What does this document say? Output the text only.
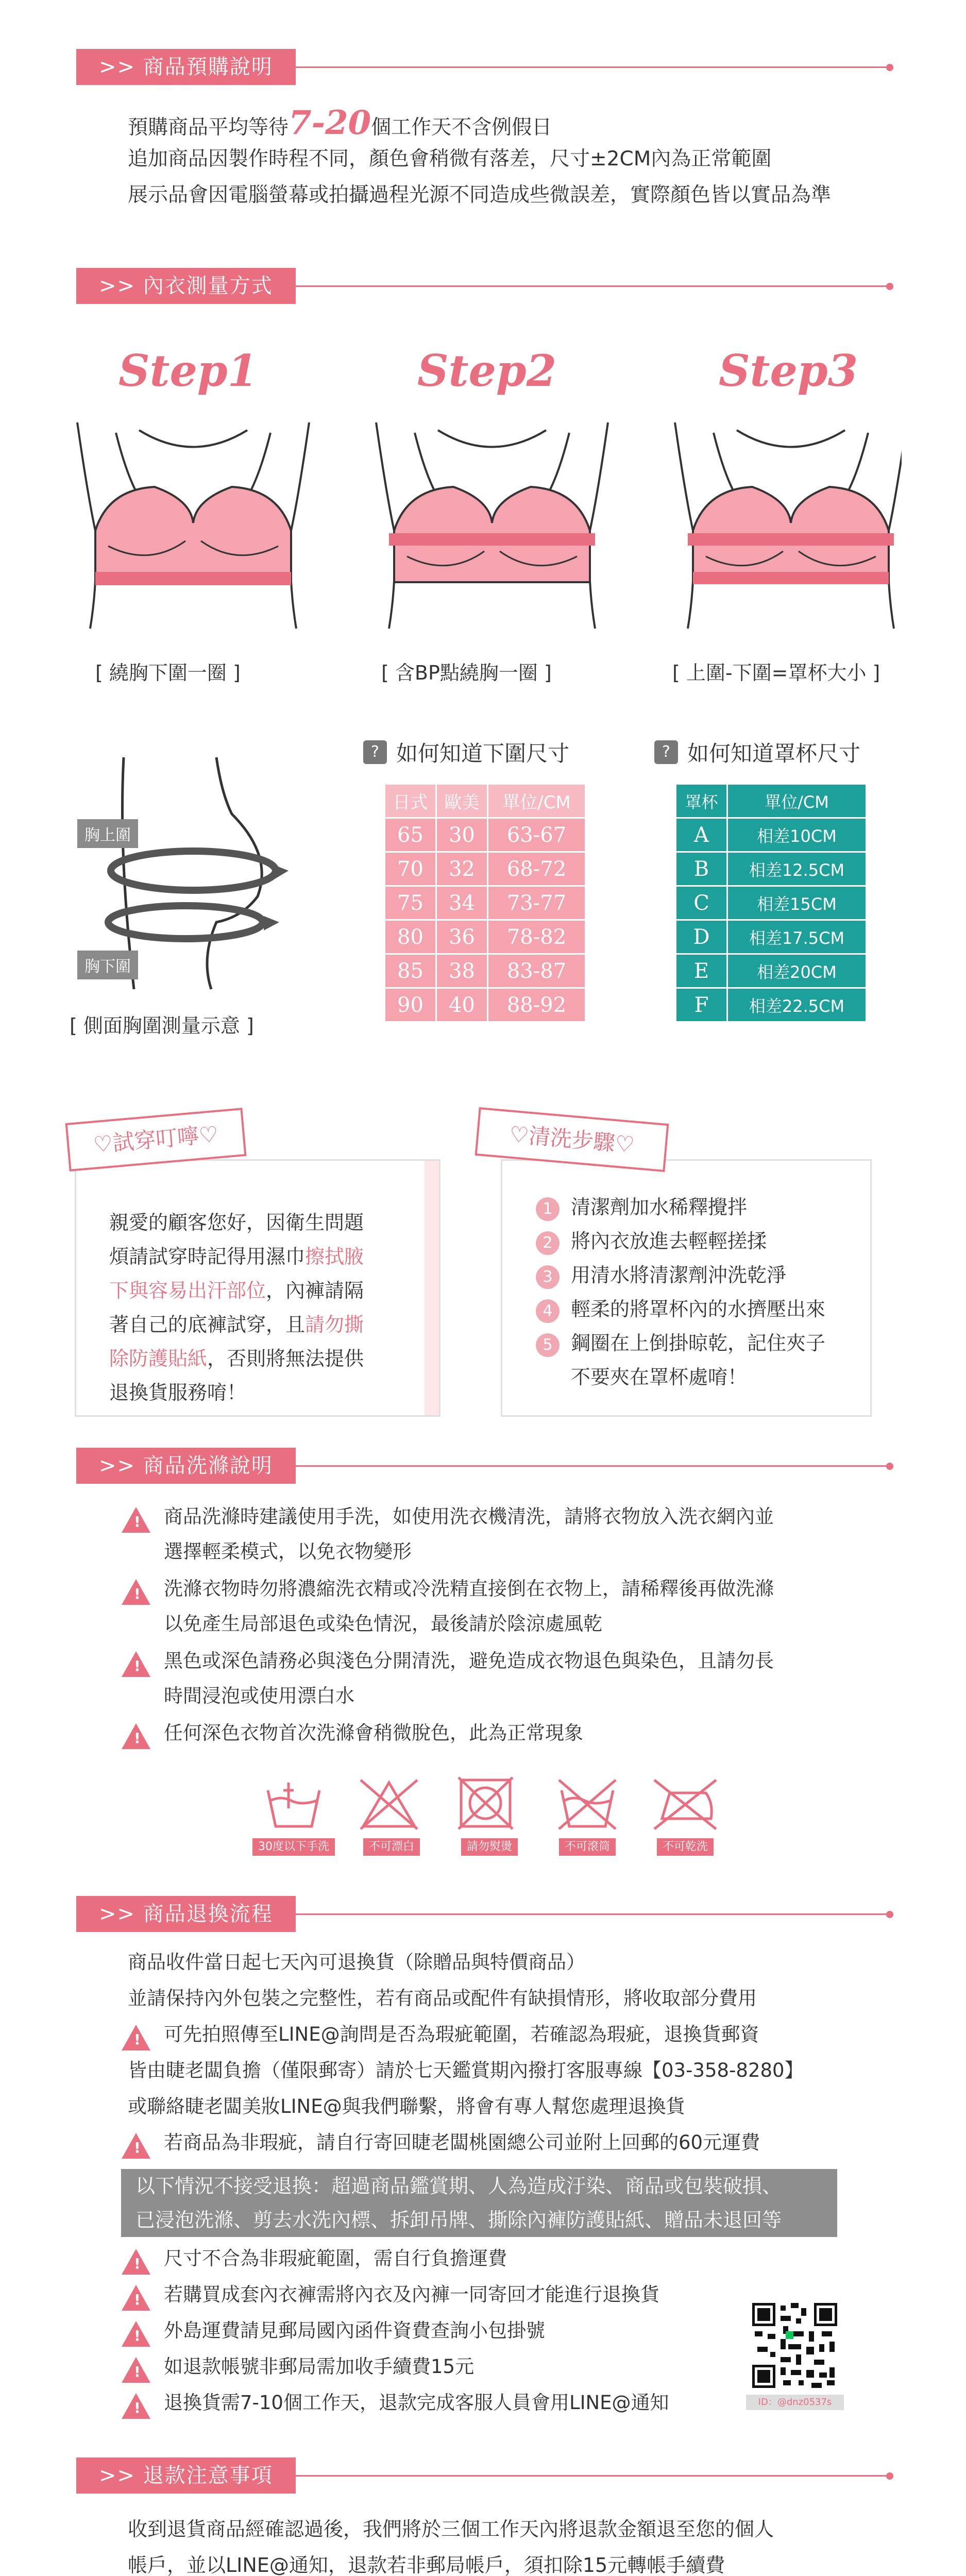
>> 商品預購說明
預購商品平均等待7-20個工作天不含例假日
追加商品因製作時程不同，顏色會稍微有落差，尺寸±2CM內為正常範圍
展示品會因電腦螢幕或拍攝過程光源不同造成些微誤差，實際顏色皆以實品為準
>> 內衣測量方式
Step1	Step2	Step3
[ 繞胸下圍一圈 ]	[ 含BP點繞胸一圈 ]	[ 上圍-下圍=罩杯大小 ]
胸上圍
胸下圍
[ 側面胸圍測量示意 ]
? 如何知道下圍尺寸
日式	歐美	單位/CM
65	30	63-67
70	32	68-72
75	34	73-77
80	36	78-82
85	38	83-87
90	40	88-92
? 如何知道罩杯尺寸
罩杯	單位/CM
A	相差10CM
B	相差12.5CM
C	相差15CM
D	相差17.5CM
E	相差20CM
F	相差22.5CM
♡試穿叮嚀♡
親愛的顧客您好，因衛生問題
煩請試穿時記得用濕巾擦拭腋
下與容易出汗部位，內褲請隔
著自己的底褲試穿，且請勿撕
除防護貼紙，否則將無法提供
退換貨服務唷！
♡清洗步驟♡
1 清潔劑加水稀釋攪拌
2 將內衣放進去輕輕搓揉
3 用清水將清潔劑沖洗乾淨
4 輕柔的將罩杯內的水擠壓出來
5 鋼圈在上倒掛晾乾，記住夾子
不要夾在罩杯處唷！
>> 商品洗滌說明
! 商品洗滌時建議使用手洗，如使用洗衣機清洗，請將衣物放入洗衣網內並
選擇輕柔模式，以免衣物變形
! 洗滌衣物時勿將濃縮洗衣精或冷洗精直接倒在衣物上，請稀釋後再做洗滌
以免產生局部退色或染色情況，最後請於陰涼處風乾
! 黑色或深色請務必與淺色分開清洗，避免造成衣物退色與染色，且請勿長
時間浸泡或使用漂白水
! 任何深色衣物首次洗滌會稍微脫色，此為正常現象
30度以下手洗	不可漂白	請勿熨燙	不可滾筒	不可乾洗
>> 商品退換流程
商品收件當日起七天內可退換貨（除贈品與特價商品）
並請保持內外包裝之完整性，若有商品或配件有缺損情形，將收取部分費用
! 可先拍照傳至LINE@詢問是否為瑕疵範圍，若確認為瑕疵，退換貨郵資
皆由睫老闆負擔（僅限郵寄）請於七天鑑賞期內撥打客服專線【03-358-8280】
或聯絡睫老闆美妝LINE@與我們聯繫，將會有專人幫您處理退換貨
! 若商品為非瑕疵，請自行寄回睫老闆桃園總公司並附上回郵的60元運費
以下情況不接受退換：超過商品鑑賞期、人為造成汙染、商品或包裝破損、
已浸泡洗滌、剪去水洗內標、拆卸吊牌、撕除內褲防護貼紙、贈品未退回等
! 尺寸不合為非瑕疵範圍，需自行負擔運費
! 若購買成套內衣褲需將內衣及內褲一同寄回才能進行退換貨
! 外島運費請見郵局國內函件資費查詢小包掛號
! 如退款帳號非郵局需加收手續費15元
! 退換貨需7-10個工作天，退款完成客服人員會用LINE@通知	ID：@dnz0537s
>> 退款注意事項
收到退貨商品經確認過後，我們將於三個工作天內將退款金額退至您的個人
帳戶，並以LINE@通知，退款若非郵局帳戶，須扣除15元轉帳手續費
